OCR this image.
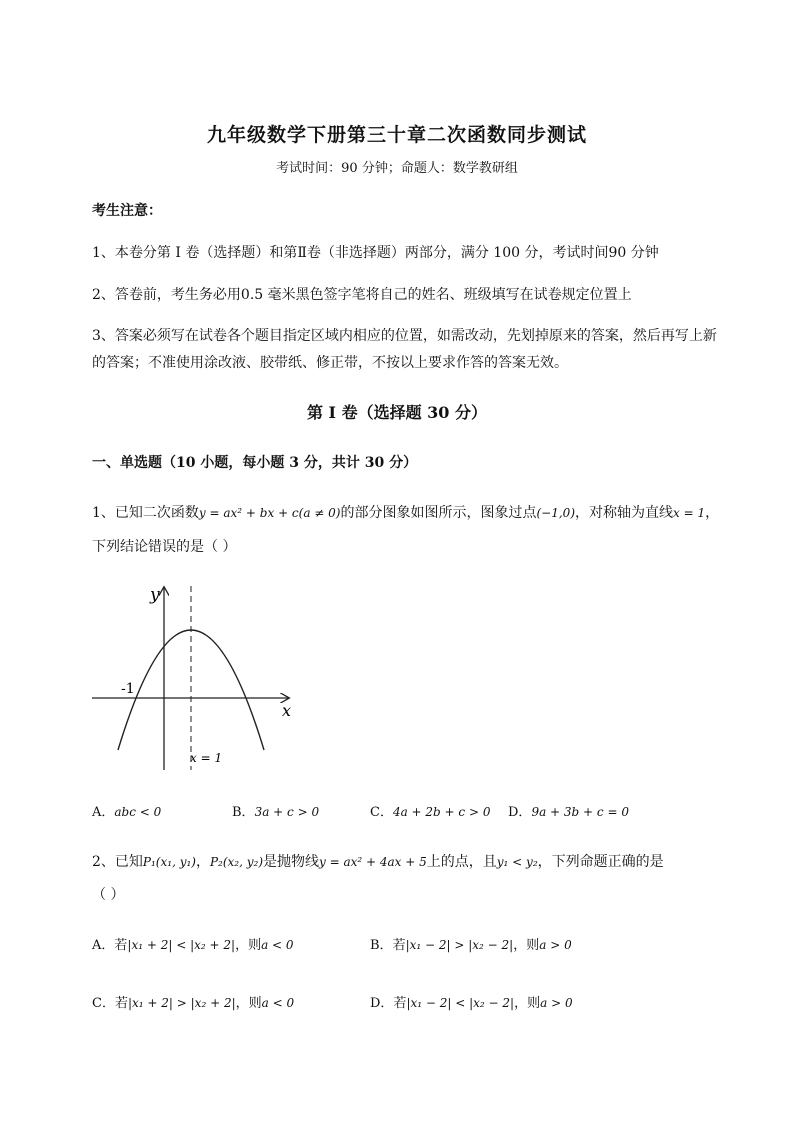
九年级数学下册第三十章二次函数同步测试
考试时间：90 分钟；命题人：数学教研组
考生注意：
1、本卷分第 I 卷（选择题）和第Ⅱ卷（非选择题）两部分，满分 100 分，考试时间90 分钟
2、答卷前，考生务必用0.5 毫米黑色签字笔将自己的姓名、班级填写在试卷规定位置上
3、答案必须写在试卷各个题目指定区域内相应的位置，如需改动，先划掉原来的答案，然后再写上新
的答案；不准使用涂改液、胶带纸、修正带，不按以上要求作答的答案无效。
第 I 卷（选择题 30 分）
一、单选题（10 小题，每小题 3 分，共计 30 分）
1、已知二次函数y = ax² + bx + c(a ≠ 0)的部分图象如图所示，图象过点(−1,0)，对称轴为直线x = 1，
下列结论错误的是（ ）
y
x
-1
x = 1
A．abc < 0	B．3a + c > 0	C．4a + 2b + c > 0 D．9a + 3b + c = 0
2、已知P₁(x₁, y₁)，P₂(x₂, y₂)是抛物线y = ax² + 4ax + 5上的点，且y₁ < y₂，下列命题正确的是
（ ）
A．若|x₁ + 2| < |x₂ + 2|，则a < 0	B．若|x₁ − 2| > |x₂ − 2|，则a > 0
C．若|x₁ + 2| > |x₂ + 2|，则a < 0	D．若|x₁ − 2| < |x₂ − 2|，则a > 0
